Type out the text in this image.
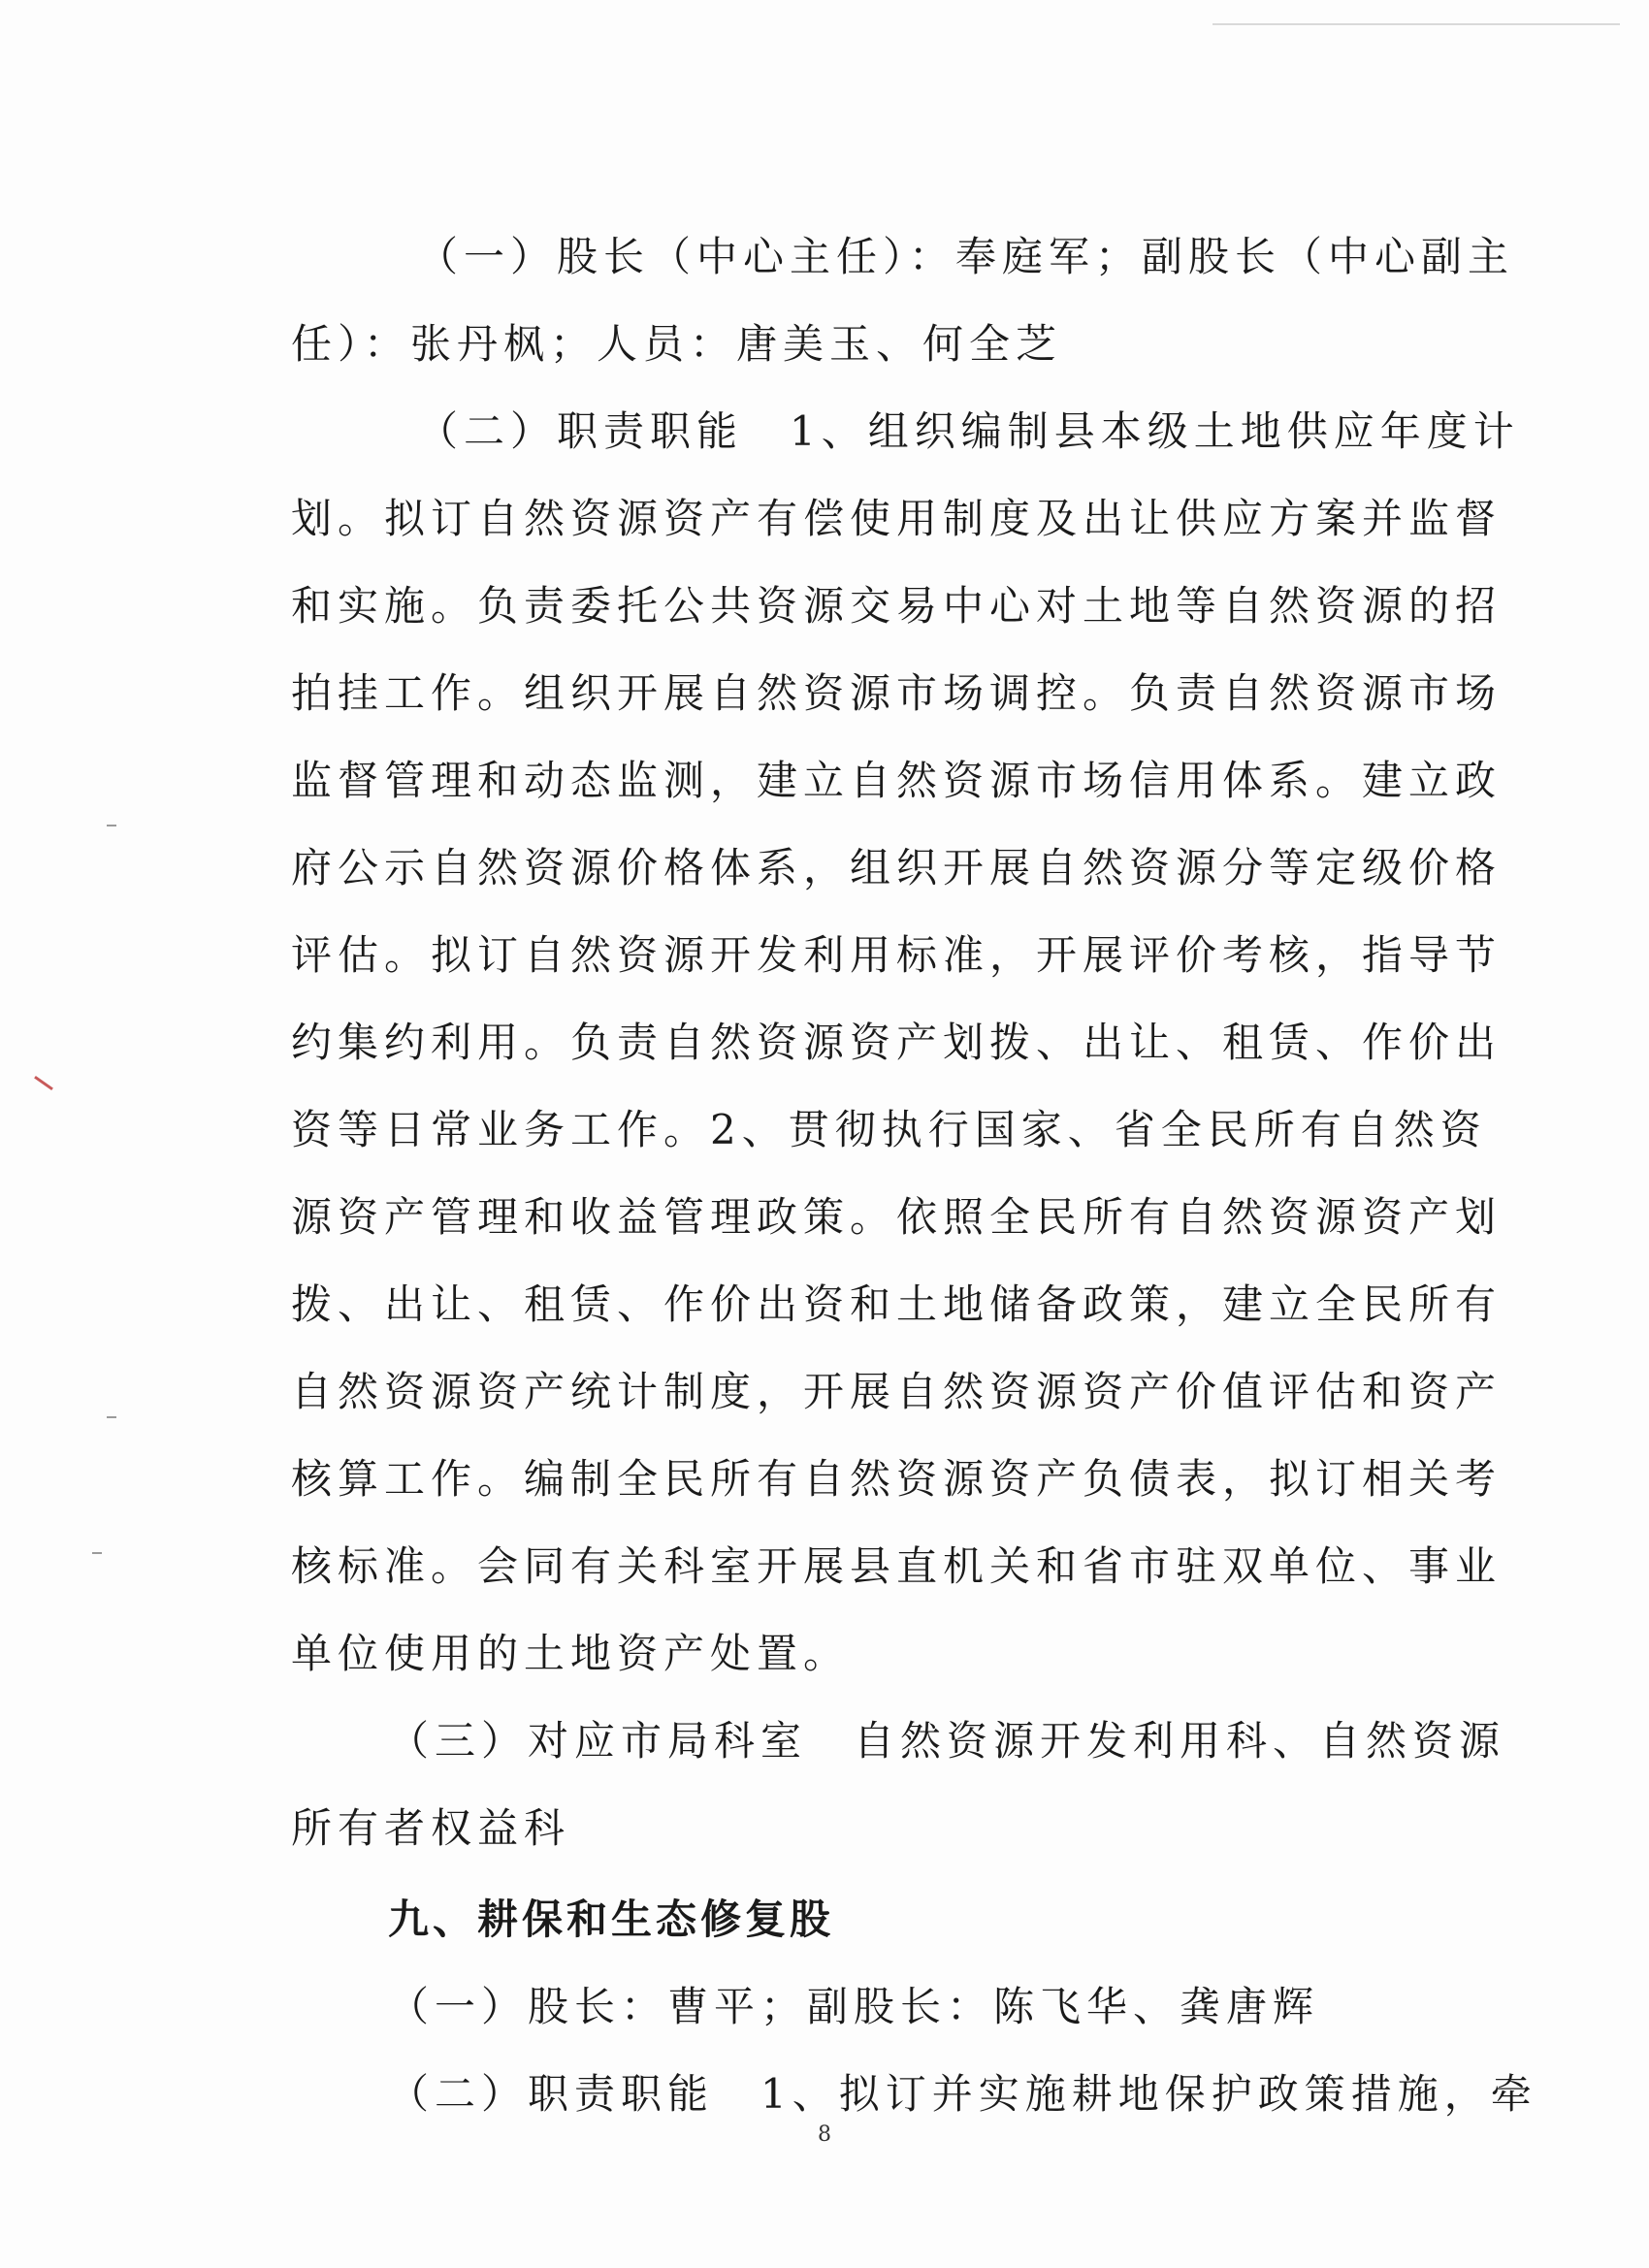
（一）股长（中心主任）：奉庭军；副股长（中心副主
任）：张丹枫；人员：唐美玉、何全芝
（二）职责职能 1、组织编制县本级土地供应年度计
划。拟订自然资源资产有偿使用制度及出让供应方案并监督
和实施。负责委托公共资源交易中心对土地等自然资源的招
拍挂工作。组织开展自然资源市场调控。负责自然资源市场
监督管理和动态监测，建立自然资源市场信用体系。建立政
府公示自然资源价格体系，组织开展自然资源分等定级价格
评估。拟订自然资源开发利用标准，开展评价考核，指导节
约集约利用。负责自然资源资产划拨、出让、租赁、作价出
资等日常业务工作。2、贯彻执行国家、省全民所有自然资
源资产管理和收益管理政策。依照全民所有自然资源资产划
拨、出让、租赁、作价出资和土地储备政策，建立全民所有
自然资源资产统计制度，开展自然资源资产价值评估和资产
核算工作。编制全民所有自然资源资产负债表，拟订相关考
核标准。会同有关科室开展县直机关和省市驻双单位、事业
单位使用的土地资产处置。
（三）对应市局科室 自然资源开发利用科、自然资源
所有者权益科
九、耕保和生态修复股
（一）股长：曹平；副股长：陈飞华、龚唐辉
（二）职责职能 1、拟订并实施耕地保护政策措施，牵
8
